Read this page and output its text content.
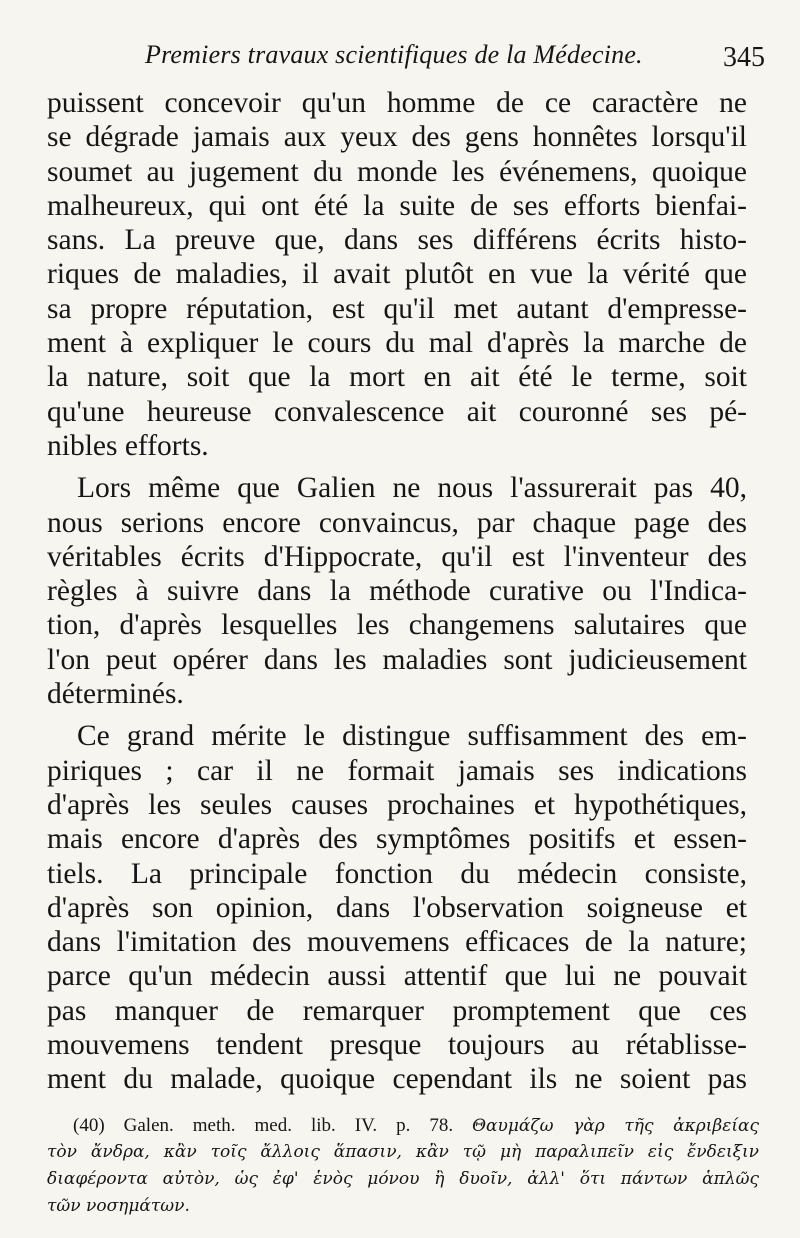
Premiers travaux scientifiques de la Médecine.	345
puissent concevoir qu'un homme de ce caractère ne
se dégrade jamais aux yeux des gens honnêtes lorsqu'il
soumet au jugement du monde les événemens, quoique
malheureux, qui ont été la suite de ses efforts bienfai-
sans. La preuve que, dans ses différens écrits histo-
riques de maladies, il avait plutôt en vue la vérité que
sa propre réputation, est qu'il met autant d'empresse-
ment à expliquer le cours du mal d'après la marche de
la nature, soit que la mort en ait été le terme, soit
qu'une heureuse convalescence ait couronné ses pé-
nibles efforts.
Lors même que Galien ne nous l'assurerait pas 40,
nous serions encore convaincus, par chaque page des
véritables écrits d'Hippocrate, qu'il est l'inventeur des
règles à suivre dans la méthode curative ou l'Indica-
tion, d'après lesquelles les changemens salutaires que
l'on peut opérer dans les maladies sont judicieusement
déterminés.
Ce grand mérite le distingue suffisamment des em-
piriques ; car il ne formait jamais ses indications
d'après les seules causes prochaines et hypothétiques,
mais encore d'après des symptômes positifs et essen-
tiels. La principale fonction du médecin consiste,
d'après son opinion, dans l'observation soigneuse et
dans l'imitation des mouvemens efficaces de la nature;
parce qu'un médecin aussi attentif que lui ne pouvait
pas manquer de remarquer promptement que ces
mouvemens tendent presque toujours au rétablisse-
ment du malade, quoique cependant ils ne soient pas
(40) Galen. meth. med. lib. IV. p. 78. Θαυμάζω γὰρ τῆς ἀκριβείας
τὸν ἄνδρα, κἂν τοῖς ἄλλοις ἅπασιν, κἂν τῷ μὴ παραλιπεῖν εἰς ἔνδειξιν
διαφέροντα αὐτὸν, ὡς ἐφ' ἑνὸς μόνου ἢ δυοῖν, ἀλλ' ὅτι πάντων ἁπλῶς
τῶν νοσημάτων.
